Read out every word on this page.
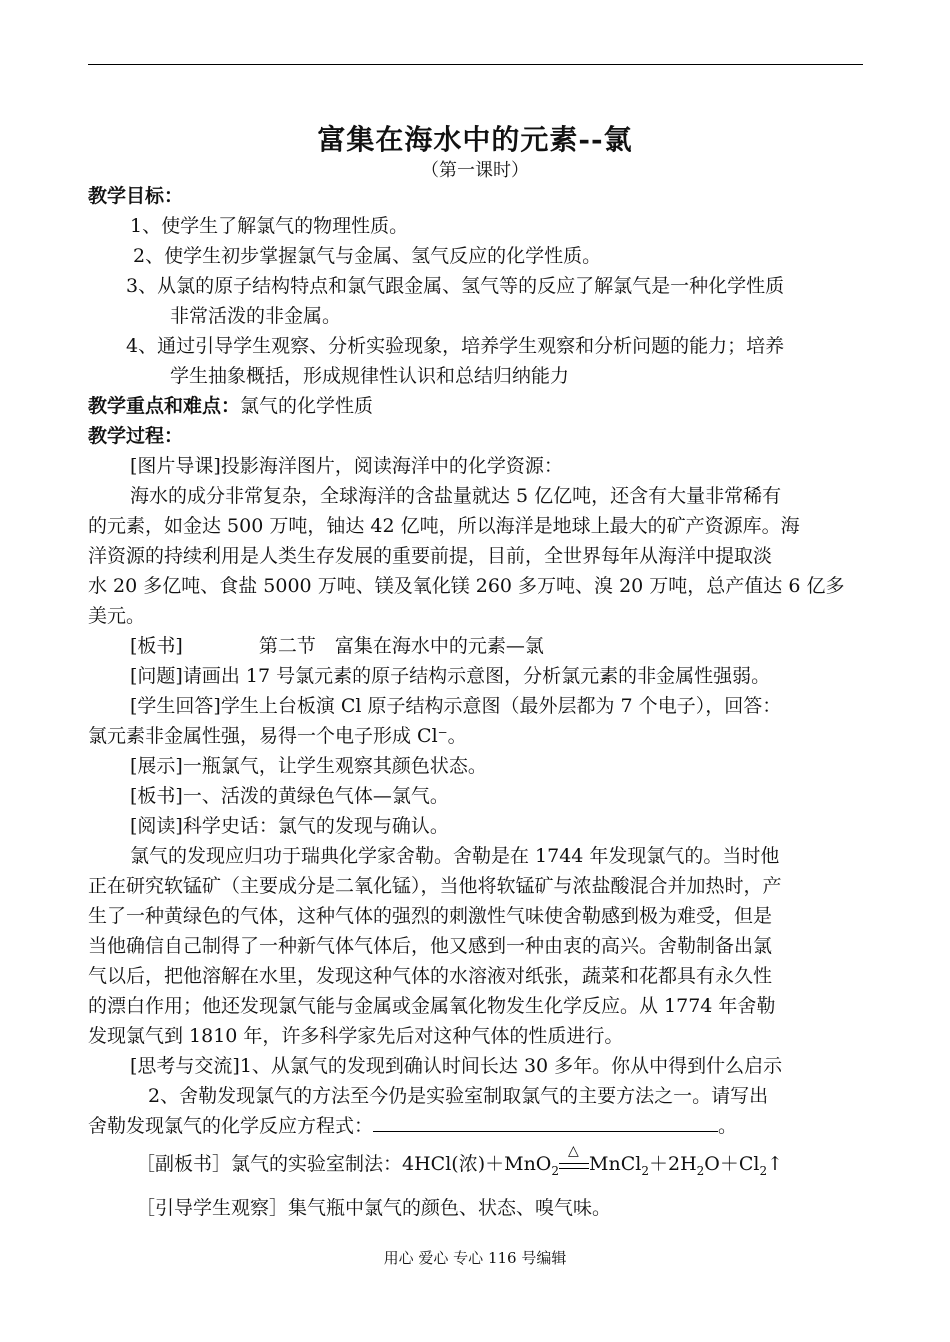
富集在海水中的元素--氯
（第一课时）
教学目标：
1、使学生了解氯气的物理性质。
2、使学生初步掌握氯气与金属、氢气反应的化学性质。
3、从氯的原子结构特点和氯气跟金属、氢气等的反应了解氯气是一种化学性质
非常活泼的非金属。
4、通过引导学生观察、分析实验现象，培养学生观察和分析问题的能力；培养
学生抽象概括，形成规律性认识和总结归纳能力
教学重点和难点：氯气的化学性质
教学过程：
[图片导课]投影海洋图片，阅读海洋中的化学资源：
海水的成分非常复杂，全球海洋的含盐量就达 5 亿亿吨，还含有大量非常稀有
的元素，如金达 500 万吨，铀达 42 亿吨，所以海洋是地球上最大的矿产资源库。海
洋资源的持续利用是人类生存发展的重要前提，目前，全世界每年从海洋中提取淡
水 20 多亿吨、食盐 5000 万吨、镁及氧化镁 260 多万吨、溴 20 万吨，总产值达 6 亿多
美元。
[板书]　　　　第二节　富集在海水中的元素—氯
[问题]请画出 17 号氯元素的原子结构示意图，分析氯元素的非金属性强弱。
[学生回答]学生上台板演 Cl 原子结构示意图（最外层都为 7 个电子），回答：
氯元素非金属性强，易得一个电子形成 Cl⁻。
[展示]一瓶氯气，让学生观察其颜色状态。
[板书]一、活泼的黄绿色气体—氯气。
[阅读]科学史话：氯气的发现与确认。
氯气的发现应归功于瑞典化学家舍勒。舍勒是在 1744 年发现氯气的。当时他
正在研究软锰矿（主要成分是二氧化锰），当他将软锰矿与浓盐酸混合并加热时，产
生了一种黄绿色的气体，这种气体的强烈的刺激性气味使舍勒感到极为难受，但是
当他确信自己制得了一种新气体气体后，他又感到一种由衷的高兴。舍勒制备出氯
气以后，把他溶解在水里，发现这种气体的水溶液对纸张，蔬菜和花都具有永久性
的漂白作用；他还发现氯气能与金属或金属氧化物发生化学反应。从 1774 年舍勒
发现氯气到 1810 年，许多科学家先后对这种气体的性质进行。
[思考与交流]1、从氯气的发现到确认时间长达 30 多年。你从中得到什么启示
2、舍勒发现氯气的方法至今仍是实验室制取氯气的主要方法之一。请写出
舍勒发现氯气的化学反应方程式：	。
［副板书］氯气的实验室制法：4HCl(浓)＋MnO$_2$
△
$MnCl_2+2H_2O+Cl_2↑$
［引导学生观察］集气瓶中氯气的颜色、状态、嗅气味。
用心 爱心 专心 116 号编辑
